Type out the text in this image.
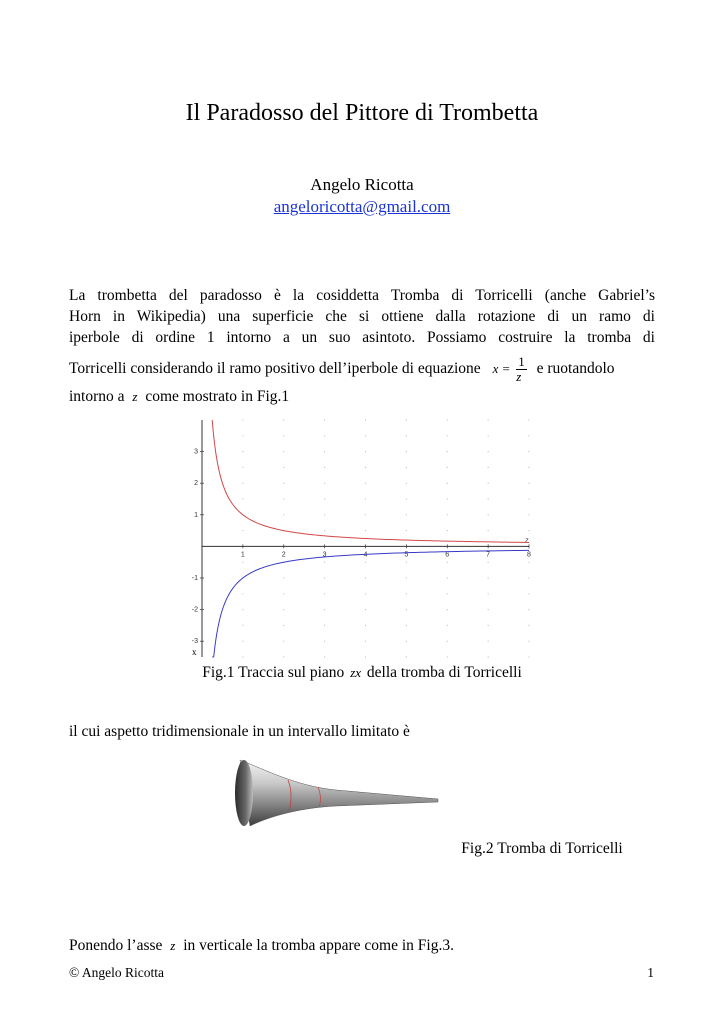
Il Paradosso del Pittore di Trombetta
Angelo Ricotta
angeloricotta@gmail.com
La trombetta del paradosso è la cosiddetta Tromba di Torricelli (anche Gabriel’s
Horn in Wikipedia) una superficie che si ottiene dalla rotazione di un ramo di
iperbole di ordine 1 intorno a un suo asintoto. Possiamo costruire la tromba di
Torricelli considerando il ramo positivo dell’iperbole di equazione $x = \frac{1}{z}$ e ruotandolo
intorno a z come mostrato in Fig.1
1	2	3	4	5	6	7	8
3
2
1
-1
-2
-3
z
x
Fig.1 Traccia sul piano zx della tromba di Torricelli
il cui aspetto tridimensionale in un intervallo limitato è
Fig.2 Tromba di Torricelli
Ponendo l’asse z in verticale la tromba appare come in Fig.3.
© Angelo Ricotta	1
